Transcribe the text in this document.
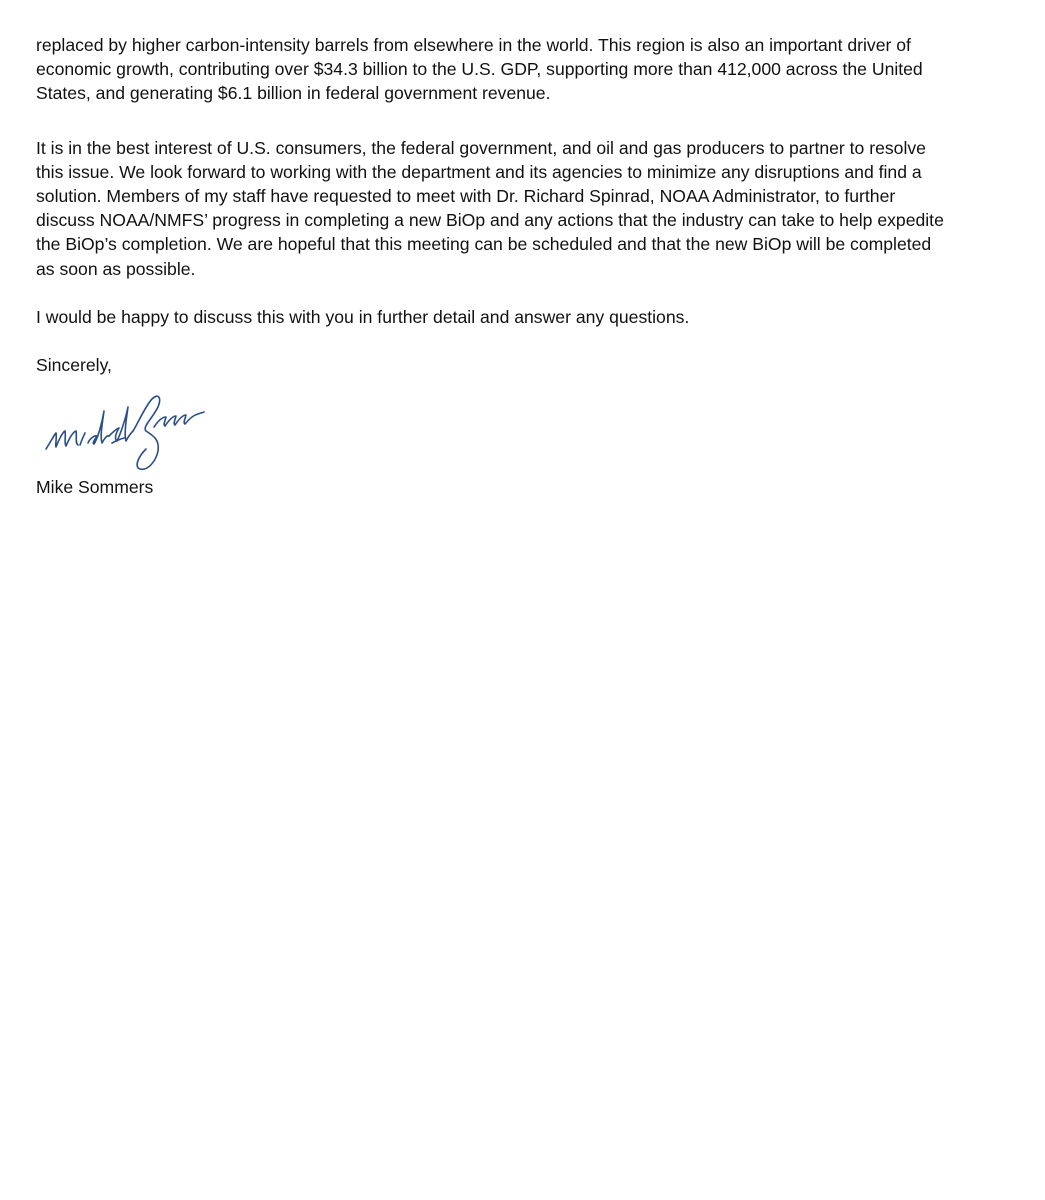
replaced by higher carbon-intensity barrels from elsewhere in the world. This region is also an important driver of
economic growth, contributing over $34.3 billion to the U.S. GDP, supporting more than 412,000 across the United
States, and generating $6.1 billion in federal government revenue.

It is in the best interest of U.S. consumers, the federal government, and oil and gas producers to partner to resolve
this issue. We look forward to working with the department and its agencies to minimize any disruptions and find a
solution. Members of my staff have requested to meet with Dr. Richard Spinrad, NOAA Administrator, to further
discuss NOAA/NMFS’ progress in completing a new BiOp and any actions that the industry can take to help expedite
the BiOp’s completion. We are hopeful that this meeting can be scheduled and that the new BiOp will be completed
as soon as possible.

I would be happy to discuss this with you in further detail and answer any questions.

Sincerely,

Mike Sommers
